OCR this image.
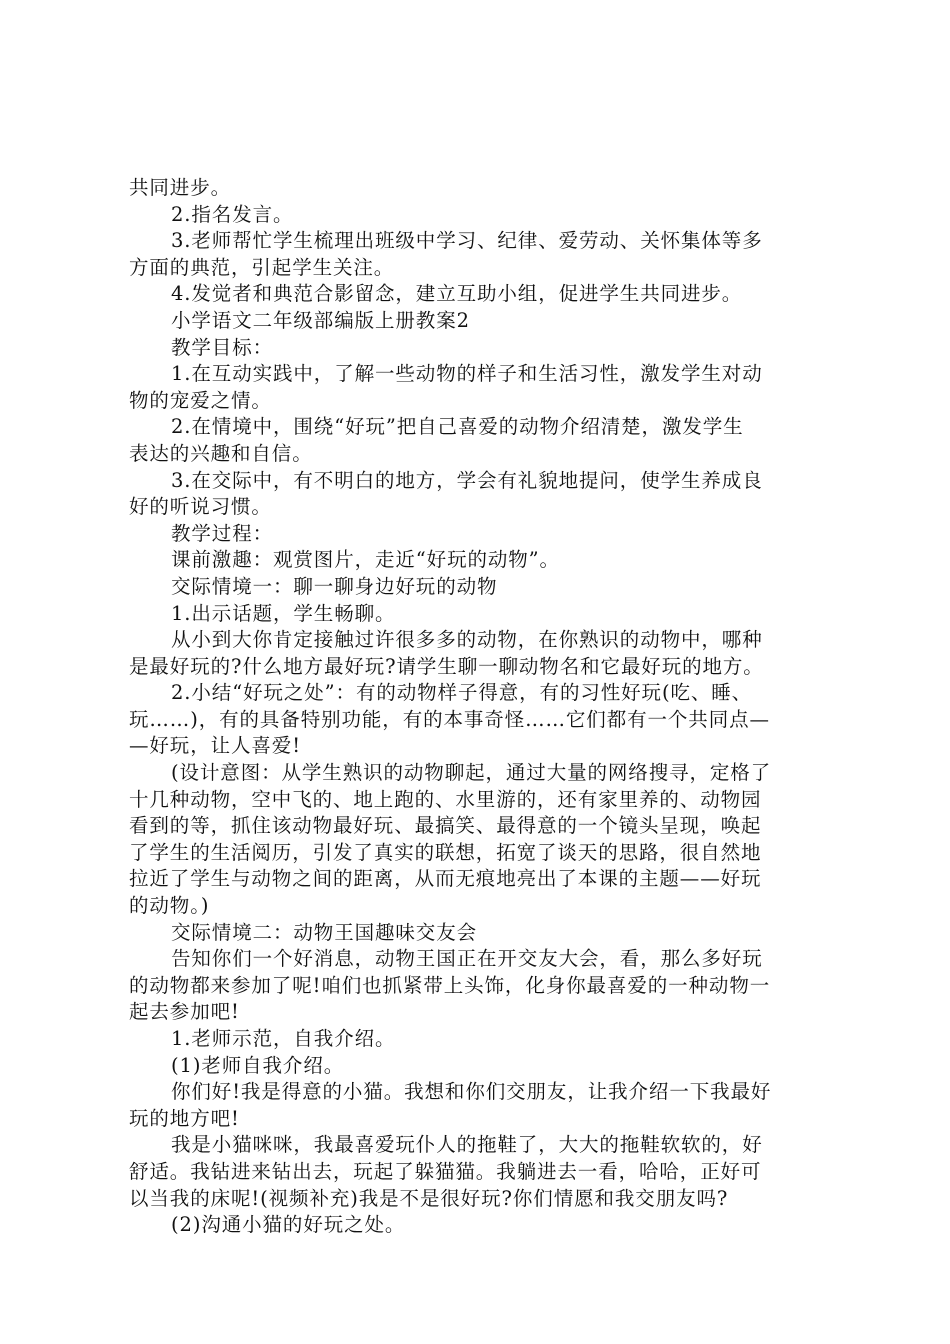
共同进步。
2.指名发言。
3.老师帮忙学生梳理出班级中学习、纪律、爱劳动、关怀集体等多
方面的典范，引起学生关注。
4.发觉者和典范合影留念，建立互助小组，促进学生共同进步。
小学语文二年级部编版上册教案2
教学目标：
1.在互动实践中，了解一些动物的样子和生活习性，激发学生对动
物的宠爱之情。
2.在情境中，围绕“好玩”把自己喜爱的动物介绍清楚，激发学生
表达的兴趣和自信。
3.在交际中，有不明白的地方，学会有礼貌地提问，使学生养成良
好的听说习惯。
教学过程：
课前激趣：观赏图片，走近“好玩的动物”。
交际情境一：聊一聊身边好玩的动物
1.出示话题，学生畅聊。
从小到大你肯定接触过许很多多的动物，在你熟识的动物中，哪种
是最好玩的?什么地方最好玩?请学生聊一聊动物名和它最好玩的地方。
2.小结“好玩之处”：有的动物样子得意，有的习性好玩(吃、睡、
玩……)，有的具备特别功能，有的本事奇怪……它们都有一个共同点—
—好玩，让人喜爱!
(设计意图：从学生熟识的动物聊起，通过大量的网络搜寻，定格了
十几种动物，空中飞的、地上跑的、水里游的，还有家里养的、动物园
看到的等，抓住该动物最好玩、最搞笑、最得意的一个镜头呈现，唤起
了学生的生活阅历，引发了真实的联想，拓宽了谈天的思路，很自然地
拉近了学生与动物之间的距离，从而无痕地亮出了本课的主题——好玩
的动物。)
交际情境二：动物王国趣味交友会
告知你们一个好消息，动物王国正在开交友大会，看，那么多好玩
的动物都来参加了呢!咱们也抓紧带上头饰，化身你最喜爱的一种动物一
起去参加吧!
1.老师示范，自我介绍。
(1)老师自我介绍。
你们好!我是得意的小猫。我想和你们交朋友，让我介绍一下我最好
玩的地方吧!
我是小猫咪咪，我最喜爱玩仆人的拖鞋了，大大的拖鞋软软的，好
舒适。我钻进来钻出去，玩起了躲猫猫。我躺进去一看，哈哈，正好可
以当我的床呢!(视频补充)我是不是很好玩?你们情愿和我交朋友吗?
(2)沟通小猫的好玩之处。
